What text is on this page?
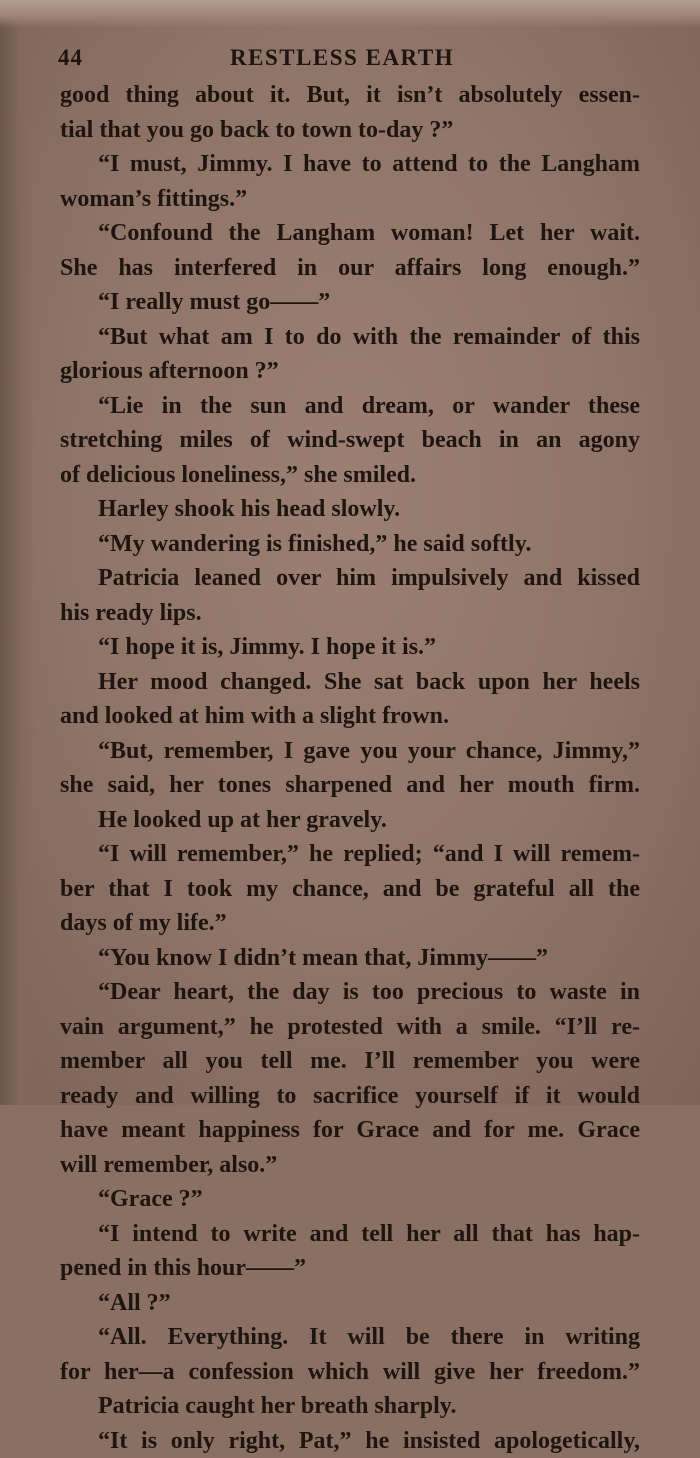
44	RESTLESS EARTH
good thing about it. But, it isn’t absolutely essen-
tial that you go back to town to-day ?”
“I must, Jimmy. I have to attend to the Langham
woman’s fittings.”
“Confound the Langham woman! Let her wait.
She has interfered in our affairs long enough.”
“I really must go——”
“But what am I to do with the remainder of this
glorious afternoon ?”
“Lie in the sun and dream, or wander these
stretching miles of wind-swept beach in an agony
of delicious loneliness,” she smiled.
Harley shook his head slowly.
“My wandering is finished,” he said softly.
Patricia leaned over him impulsively and kissed
his ready lips.
“I hope it is, Jimmy. I hope it is.”
Her mood changed. She sat back upon her heels
and looked at him with a slight frown.
“But, remember, I gave you your chance, Jimmy,”
she said, her tones sharpened and her mouth firm.
He looked up at her gravely.
“I will remember,” he replied; “and I will remem-
ber that I took my chance, and be grateful all the
days of my life.”
“You know I didn’t mean that, Jimmy——”
“Dear heart, the day is too precious to waste in
vain argument,” he protested with a smile. “I’ll re-
member all you tell me. I’ll remember you were
ready and willing to sacrifice yourself if it would
have meant happiness for Grace and for me. Grace
will remember, also.”
“Grace ?”
“I intend to write and tell her all that has hap-
pened in this hour——”
“All ?”
“All. Everything. It will be there in writing
for her—a confession which will give her freedom.”
Patricia caught her breath sharply.
“It is only right, Pat,” he insisted apologetically,
